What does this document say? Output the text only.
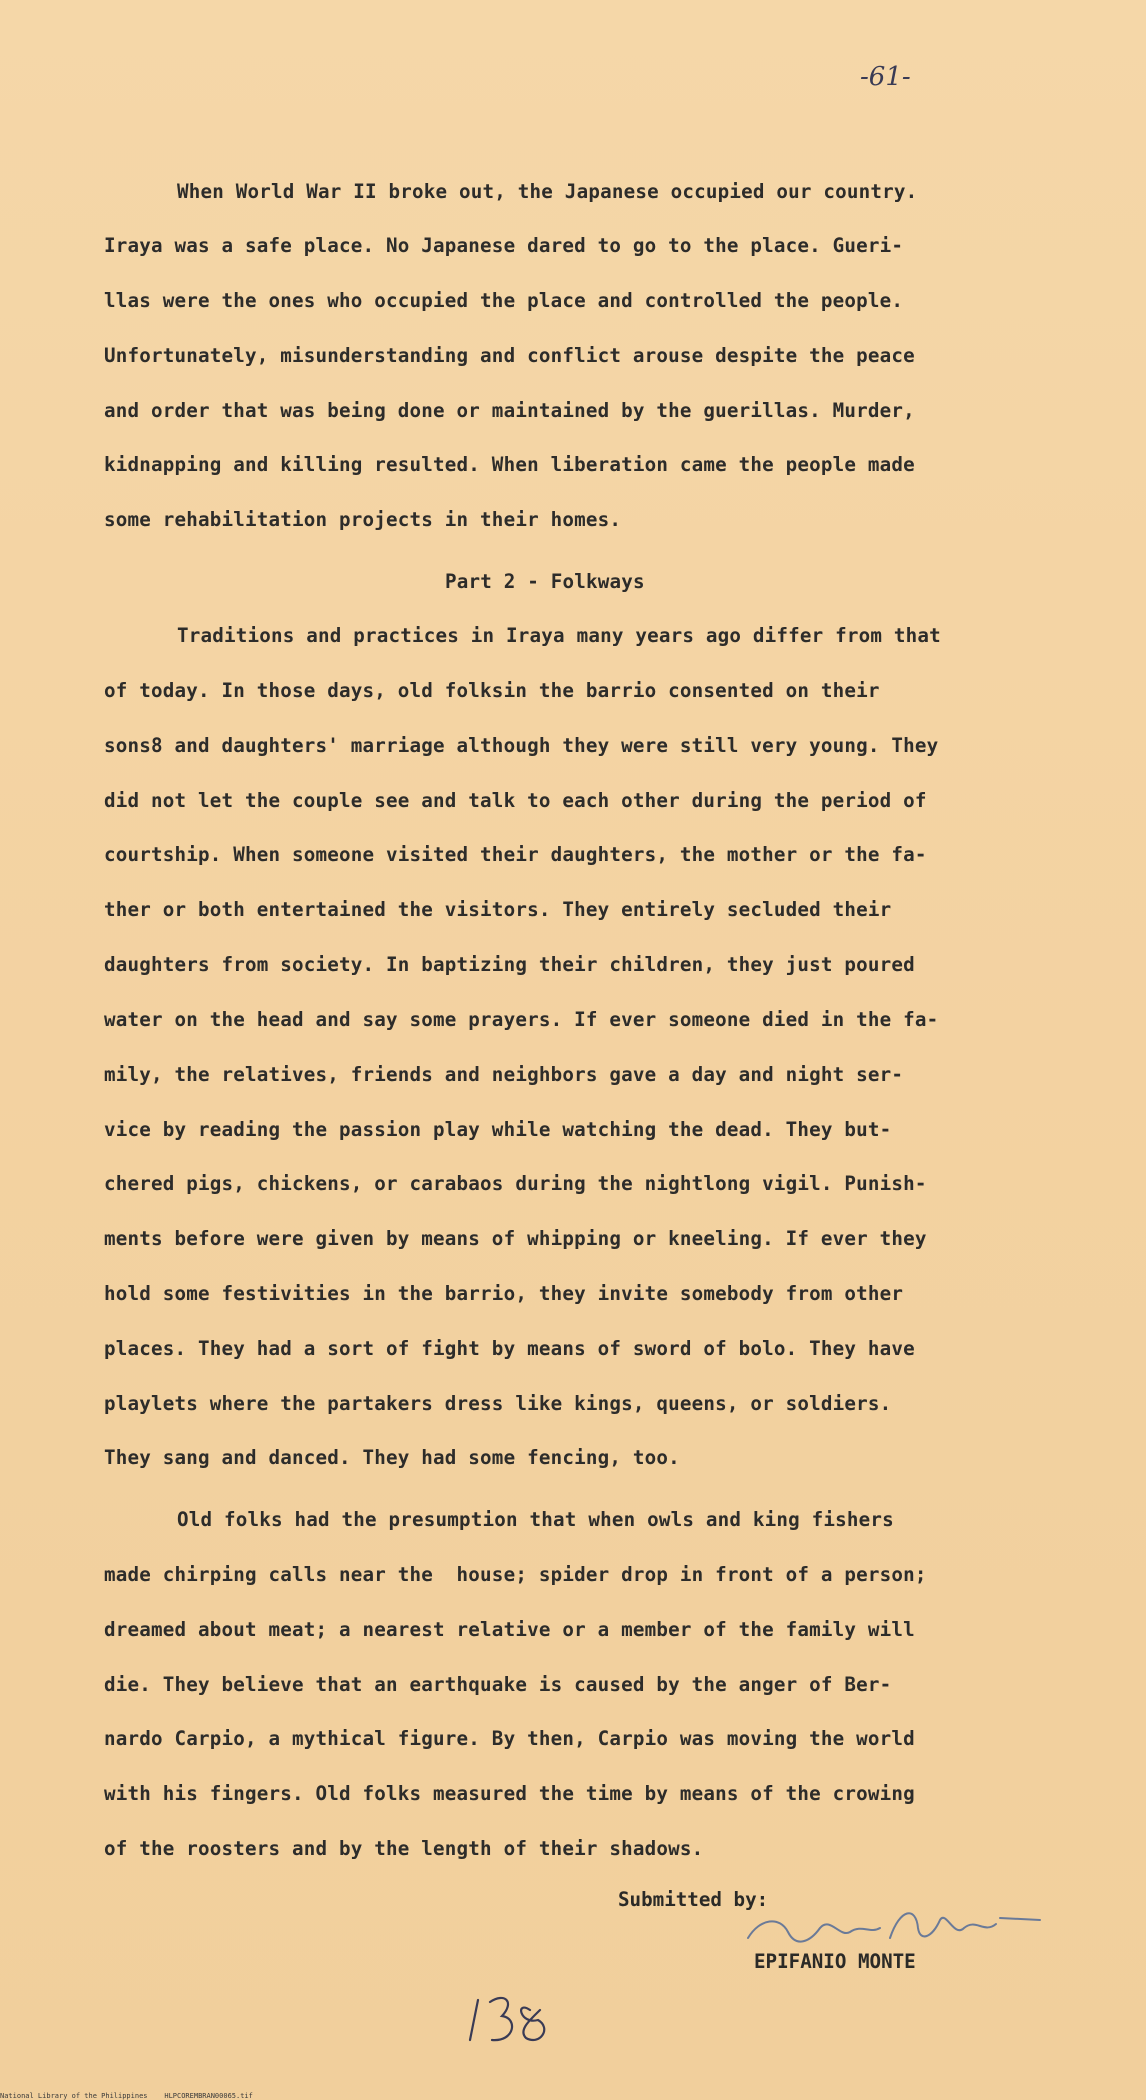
-61-
When World War II broke out, the Japanese occupied our country.
Iraya was a safe place. No Japanese dared to go to the place. Gueri-
llas were the ones who occupied the place and controlled the people.
Unfortunately, misunderstanding and conflict arouse despite the peace
and order that was being done or maintained by the guerillas. Murder,
kidnapping and killing resulted. When liberation came the people made
some rehabilitation projects in their homes.
Part 2 - Folkways
Traditions and practices in Iraya many years ago differ from that
of today. In those days, old folksin the barrio consented on their
sons8 and daughters' marriage although they were still very young. They
did not let the couple see and talk to each other during the period of
courtship. When someone visited their daughters, the mother or the fa-
ther or both entertained the visitors. They entirely secluded their
daughters from society. In baptizing their children, they just poured
water on the head and say some prayers. If ever someone died in the fa-
mily, the relatives, friends and neighbors gave a day and night ser-
vice by reading the passion play while watching the dead. They but-
chered pigs, chickens, or carabaos during the nightlong vigil. Punish-
ments before were given by means of whipping or kneeling. If ever they
hold some festivities in the barrio, they invite somebody from other
places. They had a sort of fight by means of sword of bolo. They have
playlets where the partakers dress like kings, queens, or soldiers.
They sang and danced. They had some fencing, too.
Old folks had the presumption that when owls and king fishers
made chirping calls near the  house; spider drop in front of a person;
dreamed about meat; a nearest relative or a member of the family will
die. They believe that an earthquake is caused by the anger of Ber-
nardo Carpio, a mythical figure. By then, Carpio was moving the world
with his fingers. Old folks measured the time by means of the crowing
of the roosters and by the length of their shadows.
Submitted by:
EPIFANIO MONTE
National Library of the Philippines    HLPCOREMBRAN00065.tif
